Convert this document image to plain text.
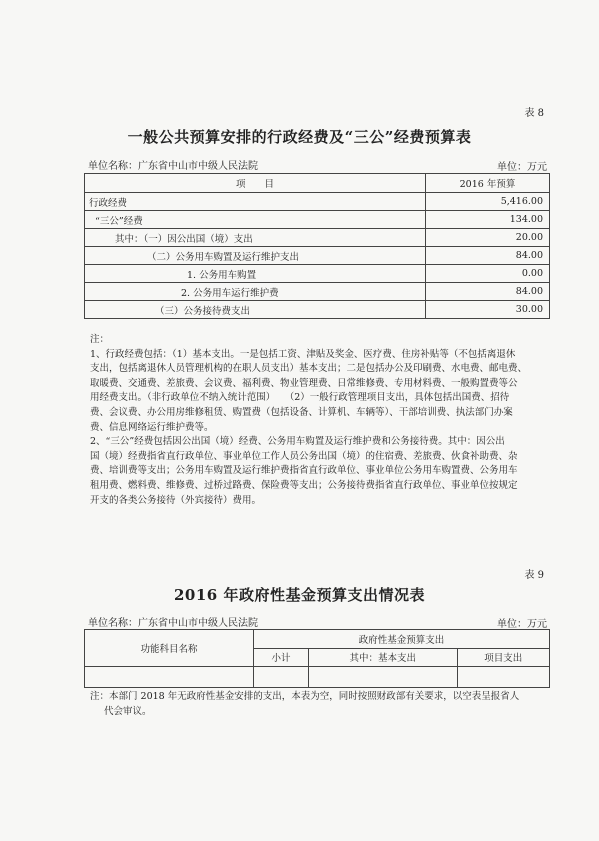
表 8
一般公共预算安排的行政经费及“三公”经费预算表
单位名称：广东省中山市中级人民法院	单位：万元
项　　目	2016 年预算
行政经费	5,416.00
“三公”经费	134.00
其中：（一）因公出国（境）支出	20.00
（二）公务用车购置及运行维护支出	84.00
1. 公务用车购置	0.00
2. 公务用车运行维护费	84.00
（三）公务接待费支出	30.00
注：
1、行政经费包括：（1）基本支出。一是包括工资、津贴及奖金、医疗费、住房补贴等（不包括离退休
支出，包括离退休人员管理机构的在职人员支出）基本支出；二是包括办公及印刷费、水电费、邮电费、
取暖费、交通费、差旅费、会议费、福利费、物业管理费、日常维修费、专用材料费、一般购置费等公
用经费支出。（非行政单位不纳入统计范围）　　（2）一般行政管理项目支出，具体包括出国费、招待
费、会议费、办公用房维修租赁、购置费（包括设备、计算机、车辆等）、干部培训费、执法部门办案
费、信息网络运行维护费等。
2、“三公”经费包括因公出国（境）经费、公务用车购置及运行维护费和公务接待费。其中：因公出
国（境）经费指省直行政单位、事业单位工作人员公务出国（境）的住宿费、差旅费、伙食补助费、杂
费、培训费等支出；公务用车购置及运行维护费指省直行政单位、事业单位公务用车购置费、公务用车
租用费、燃料费、维修费、过桥过路费、保险费等支出；公务接待费指省直行政单位、事业单位按规定
开支的各类公务接待（外宾接待）费用。
表 9
2016 年政府性基金预算支出情况表
单位名称：广东省中山市中级人民法院	单位：万元
功能科目名称	政府性基金预算支出		
	小计	其中：基本支出	项目支出

注：本部门 2018 年无政府性基金安排的支出，本表为空，同时按照财政部有关要求，以空表呈报省人
代会审议。
